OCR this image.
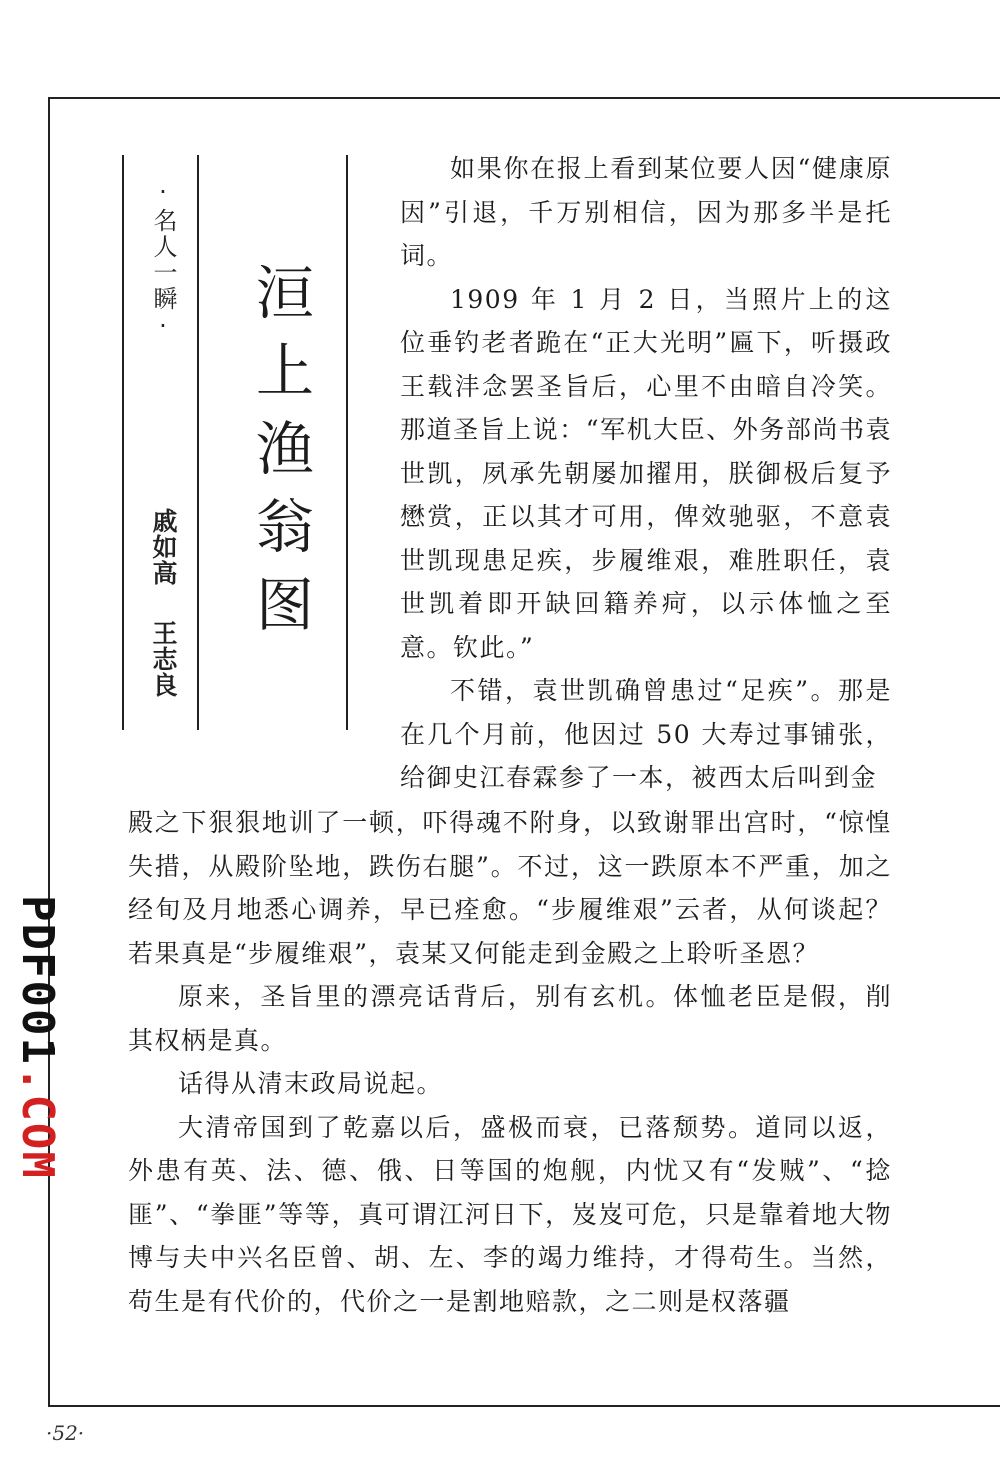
·名人一瞬·
洹上渔翁图
戚如高王志良

如果你在报上看到某位要人因“健康原因”引退，千万别相信，因为那多半是托词。

1909 年 1 月 2 日，当照片上的这位垂钓老者跪在“正大光明”匾下，听摄政王载沣念罢圣旨后，心里不由暗自冷笑。那道圣旨上说：“军机大臣、外务部尚书袁世凯，夙承先朝屡加擢用，朕御极后复予懋赏，正以其才可用，俾效驰驱，不意袁世凯现患足疾，步履维艰，难胜职任，袁世凯着即开缺回籍养疴，以示体恤之至意。钦此。”

不错，袁世凯确曾患过“足疾”。那是在几个月前，他因过 50 大寿过事铺张，给御史江春霖参了一本，被西太后叫到金

殿之下狠狠地训了一顿，吓得魂不附身，以致谢罪出宫时，“惊惶失措，从殿阶坠地，跌伤右腿”。不过，这一跌原本不严重，加之经旬及月地悉心调养，早已痊愈。“步履维艰”云者，从何谈起？若果真是“步履维艰”，袁某又何能走到金殿之上聆听圣恩？

原来，圣旨里的漂亮话背后，别有玄机。体恤老臣是假，削其权柄是真。

话得从清末政局说起。

大清帝国到了乾嘉以后，盛极而衰，已落颓势。道同以返，外患有英、法、德、俄、日等国的炮舰，内忧又有“发贼”、“捻匪”、“拳匪”等等，真可谓江河日下，岌岌可危，只是靠着地大物博与夫中兴名臣曾、胡、左、李的竭力维持，才得苟生。当然，苟生是有代价的，代价之一是割地赔款，之二则是权落疆

PDF001.COM
·52·
